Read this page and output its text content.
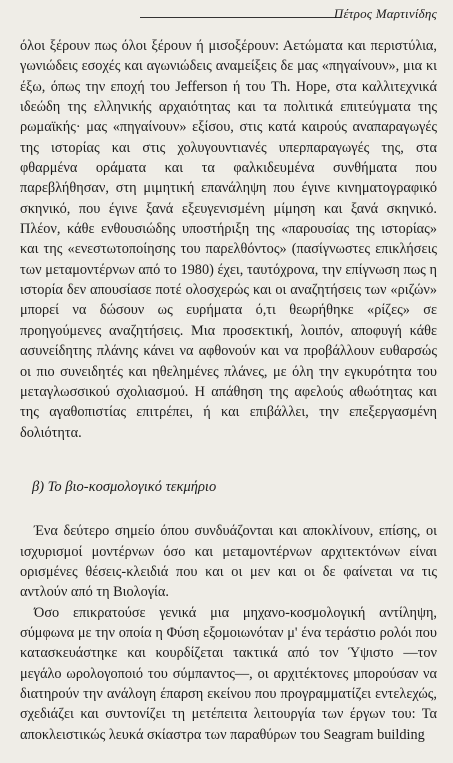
Πέτρος Μαρτινίδης

όλοι ξέρουν πως όλοι ξέρουν ή μισοξέρουν: Αετώματα και περιστύλια, γωνιώδεις εσοχές και αγωνιώδεις αναμείξεις δε μας «πηγαίνουν», μια κι έξω, όπως την εποχή του Jefferson ή του Th. Hope, στα καλλιτεχνικά ιδεώδη της ελληνικής αρχαιότητας και τα πολιτικά επιτεύγματα της ρωμαϊκής· μας «πηγαίνουν» εξίσου, στις κατά καιρούς αναπαραγωγές της ιστορίας και στις χολυγουντιανές υπερπαραγωγές της, στα φθαρμένα οράματα και τα φαλκιδευμένα συνθήματα που παρεβλήθησαν, στη μιμητική επανάληψη που έγινε κινηματογραφικό σκηνικό, που έγινε ξανά εξευγενισμένη μίμηση και ξανά σκηνικό. Πλέον, κάθε ενθουσιώδης υποστήριξη της «παρουσίας της ιστορίας» και της «ενεστωτοποίησης του παρελθόντος» (πασίγνωστες επικλήσεις των μεταμοντέρνων από το 1980) έχει, ταυτόχρονα, την επίγνωση πως η ιστορία δεν απουσίασε ποτέ ολοσχερώς και οι αναζητήσεις των «ριζών» μπορεί να δώσουν ως ευρήματα ό,τι θεωρήθηκε «ρίζες» σε προηγούμενες αναζητήσεις. Μια προσεκτική, λοιπόν, αποφυγή κάθε ασυνείδητης πλάνης κάνει να αφθονούν και να προβάλλουν ευθαρσώς οι πιο συνειδητές και ηθελημένες πλάνες, με όλη την εγκυρότητα του μεταγλωσσικού σχολιασμού. Η απάθηση της αφελούς αθωότητας και της αγαθοπιστίας επιτρέπει, ή και επιβάλλει, την επεξεργασμένη δολιότητα.

β) Το βιο-κοσμολογικό τεκμήριο

Ένα δεύτερο σημείο όπου συνδυάζονται και αποκλίνουν, επίσης, οι ισχυρισμοί μοντέρνων όσο και μεταμοντέρνων αρχιτεκτόνων είναι ορισμένες θέσεις-κλειδιά που και οι μεν και οι δε φαίνεται να τις αντλούν από τη Βιολογία.

Όσο επικρατούσε γενικά μια μηχανο-κοσμολογική αντίληψη, σύμφωνα με την οποία η Φύση εξομοιωνόταν μ' ένα τεράστιο ρολόι που κατασκευάστηκε και κουρδίζεται τακτικά από τον Ύψιστο —τον μεγάλο ωρολογοποιό του σύμπαντος—, οι αρχιτέκτονες μπορούσαν να διατηρούν την ανάλογη έπαρση εκείνου που προγραμματίζει εντελεχώς, σχεδιάζει και συντονίζει τη μετέπειτα λειτουργία των έργων του: Τα αποκλειστικώς λευκά σκίαστρα των παραθύρων του Seagram building
